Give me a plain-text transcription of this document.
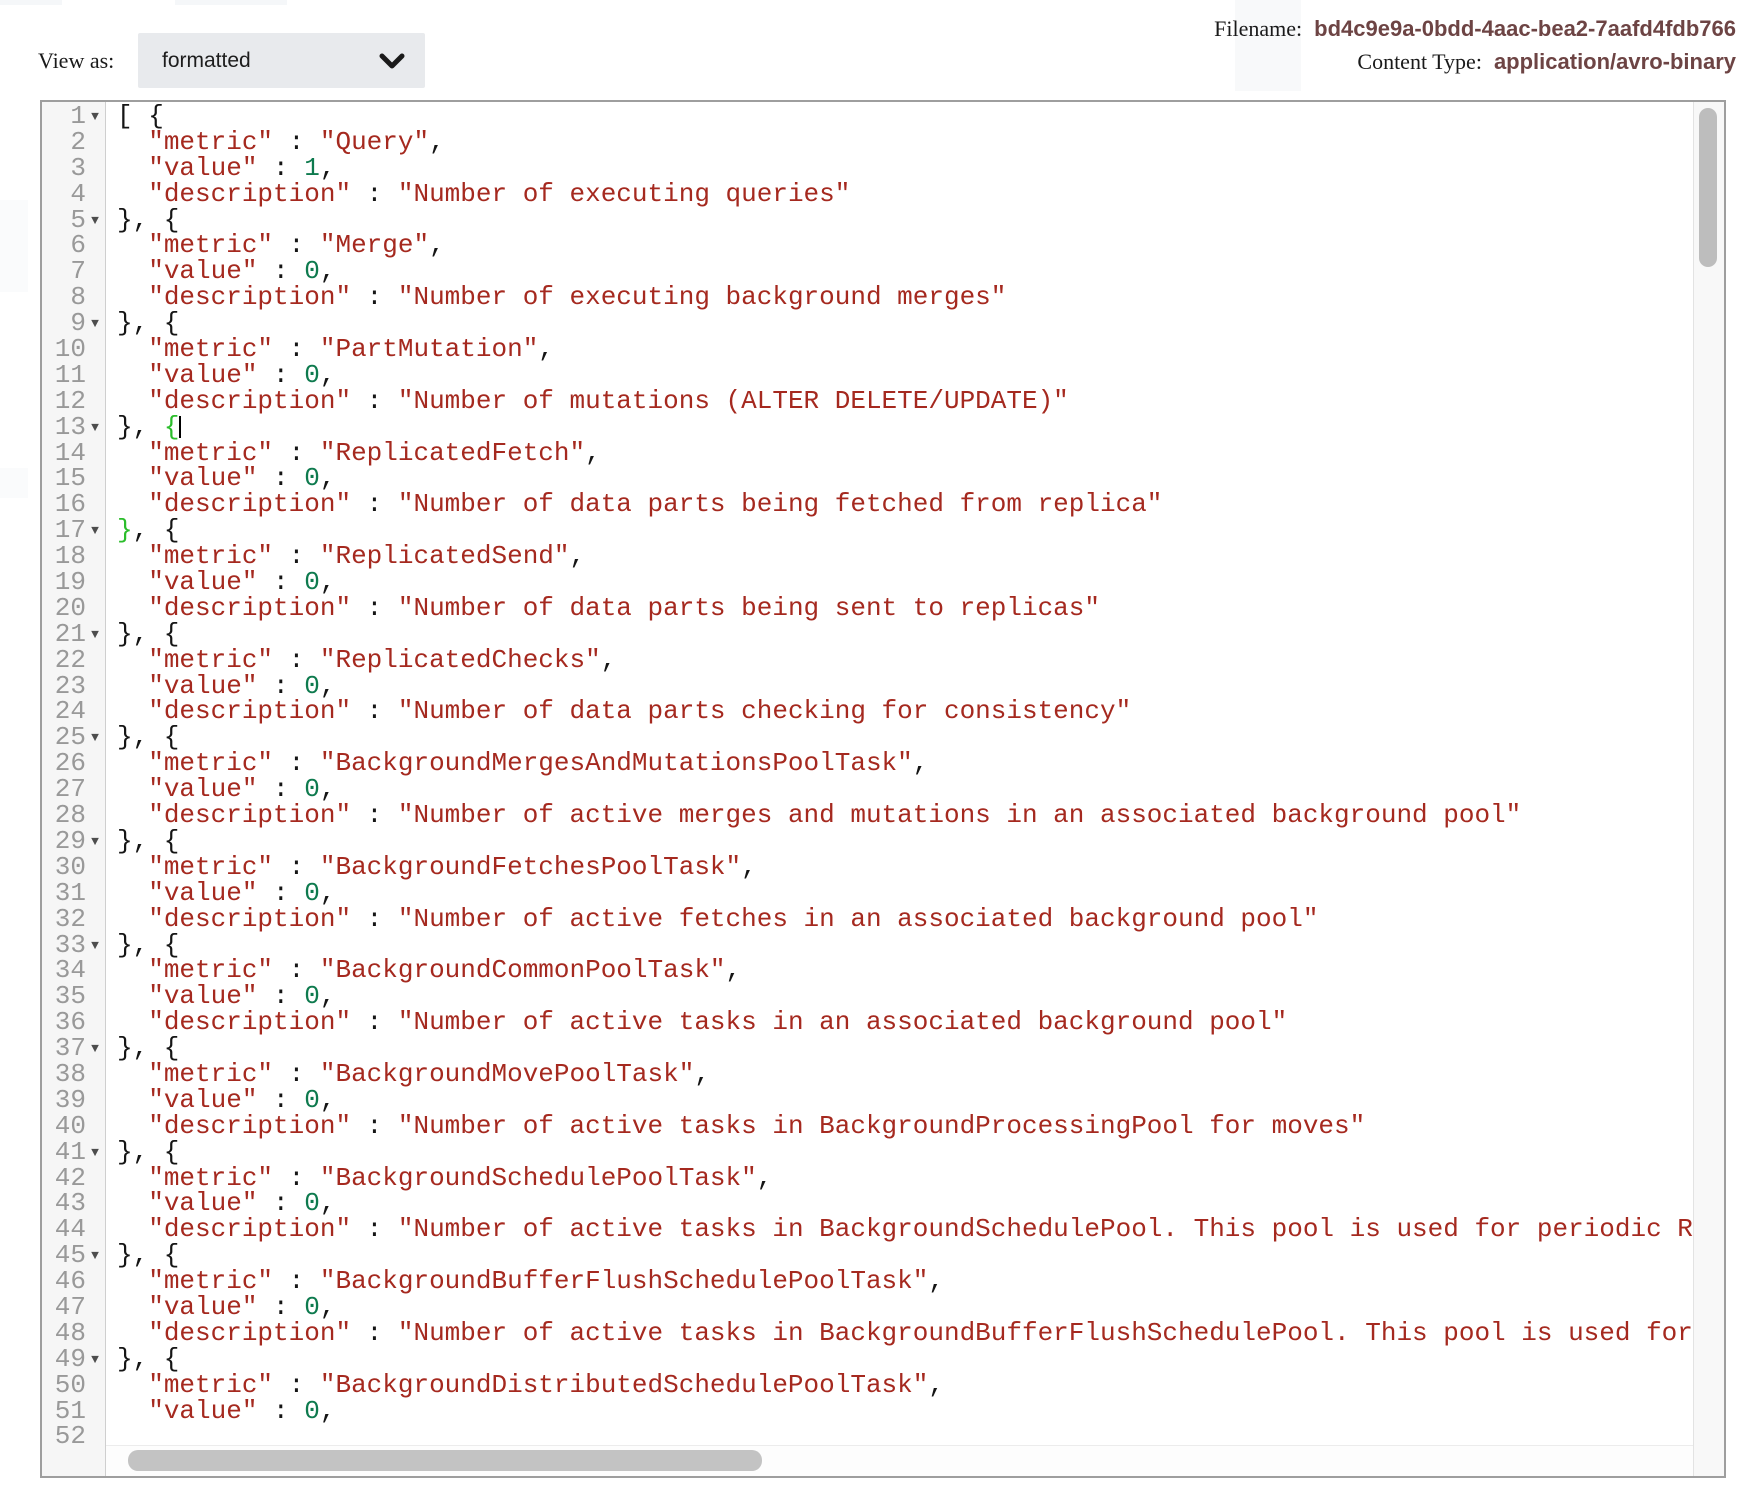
View as: formatted
Filename: bd4c9e9a-0bdd-4aac-bea2-7aafd4fdb766
Content Type: application/avro-binary
1 ▼
2
3
4
5 ▼
6
7
8
9 ▼
10
11
12
13 ▼
14
15
16
17 ▼
18
19
20
21 ▼
22
23
24
25 ▼
26
27
28
29 ▼
30
31
32
33 ▼
34
35
36
37 ▼
38
39
40
41 ▼
42
43
44
45 ▼
46
47
48
49 ▼
50
51
52
[ {
"metric" : "Query",
"value" : 1,
"description" : "Number of executing queries"
}, {
"metric" : "Merge",
"value" : 0,
"description" : "Number of executing background merges"
}, {
"metric" : "PartMutation",
"value" : 0,
"description" : "Number of mutations (ALTER DELETE/UPDATE)"
}, {
"metric" : "ReplicatedFetch",
"value" : 0,
"description" : "Number of data parts being fetched from replica"
}, {
"metric" : "ReplicatedSend",
"value" : 0,
"description" : "Number of data parts being sent to replicas"
}, {
"metric" : "ReplicatedChecks",
"value" : 0,
"description" : "Number of data parts checking for consistency"
}, {
"metric" : "BackgroundMergesAndMutationsPoolTask",
"value" : 0,
"description" : "Number of active merges and mutations in an associated background pool"
}, {
"metric" : "BackgroundFetchesPoolTask",
"value" : 0,
"description" : "Number of active fetches in an associated background pool"
}, {
"metric" : "BackgroundCommonPoolTask",
"value" : 0,
"description" : "Number of active tasks in an associated background pool"
}, {
"metric" : "BackgroundMovePoolTask",
"value" : 0,
"description" : "Number of active tasks in BackgroundProcessingPool for moves"
}, {
"metric" : "BackgroundSchedulePoolTask",
"value" : 0,
"description" : "Number of active tasks in BackgroundSchedulePool. This pool is used for periodic R
}, {
"metric" : "BackgroundBufferFlushSchedulePoolTask",
"value" : 0,
"description" : "Number of active tasks in BackgroundBufferFlushSchedulePool. This pool is used for
}, {
"metric" : "BackgroundDistributedSchedulePoolTask",
"value" : 0,
